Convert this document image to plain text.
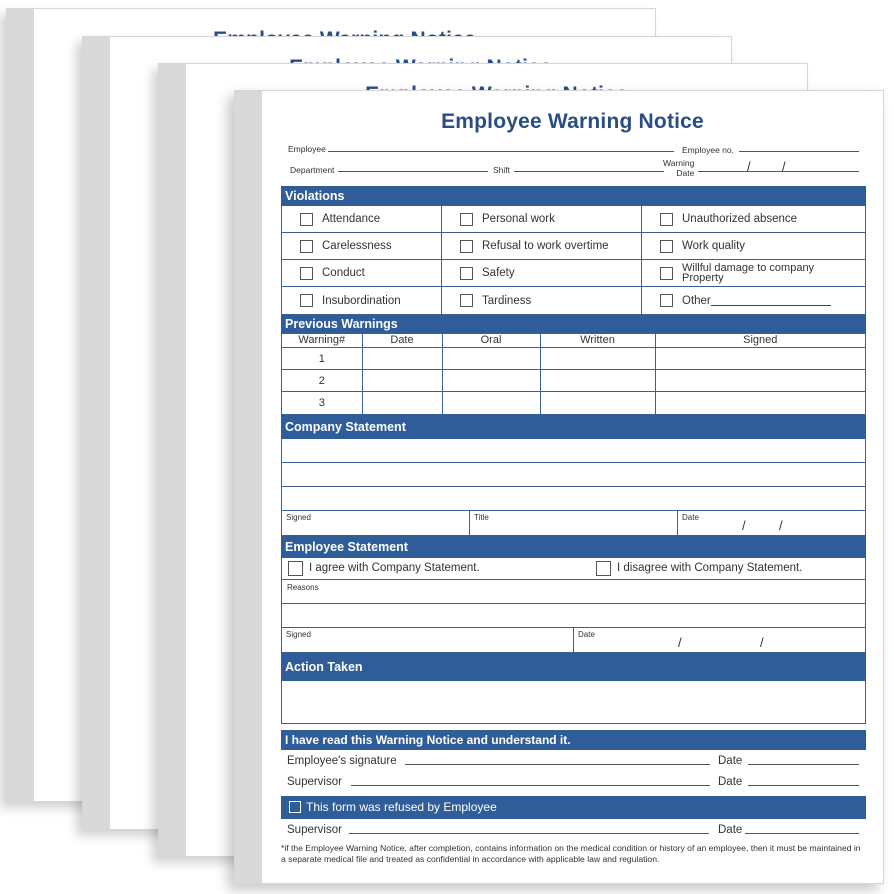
Employee Warning Notice
Employee	Employee no.
Department	Shift
Warning
Date	/ /
Violations
Attendance	Personal work	Unauthorized absence
Carelessness	Refusal to work overtime	Work quality
Conduct	Safety	Willful damage to company
Property
Insubordination	Tardiness	Other
Previous Warnings
Warning#	Date	Oral	Written	Signed
1				
2				
3				
Company Statement
Signed	Title	Date
/	/
Employee Statement
I agree with Company Statement.	I disagree with Company Statement.
Reasons
Signed	Date
/	/
Action Taken
I have read this Warning Notice and understand it.
Employee's signature	Date
Supervisor	Date
This form was refused by Employee
Supervisor	Date
*if the Employee Warning Notice, after completion, contains information on the medical condition or history of an employee, then it must be maintained in a separate medical file and treated as confidential in accordance with applicable law and regulation.
